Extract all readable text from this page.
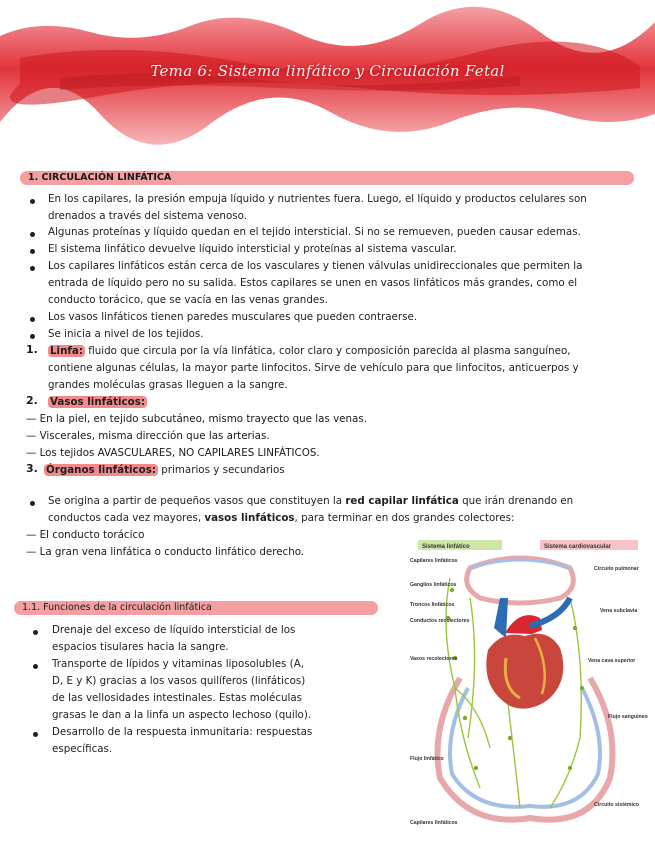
Tema 6: Sistema linfático y Circulación Fetal
1. CIRCULACIÓN LINFÁTICA
En los capilares, la presión empuja líquido y nutrientes fuera. Luego, el líquido y productos celulares son
drenados a través del sistema venoso.
Algunas proteínas y líquido quedan en el tejido intersticial. Si no se remueven, pueden causar edemas.
El sistema linfático devuelve líquido intersticial y proteínas al sistema vascular.
Los capilares linfáticos están cerca de los vasculares y tienen válvulas unidireccionales que permiten la
entrada de líquido pero no su salida. Estos capilares se unen en vasos linfáticos más grandes, como el
conducto torácico, que se vacía en las venas grandes.
Los vasos linfáticos tienen paredes musculares que pueden contraerse.
Se inicia a nivel de los tejidos.
1. Linfa: fluido que circula por la vía linfática, color claro y composición parecida al plasma sanguíneo,
contiene algunas células, la mayor parte linfocitos. Sirve de vehículo para que linfocitos, anticuerpos y
grandes moléculas grasas lleguen a la sangre.
2. Vasos linfáticos:
— En la piel, en tejido subcutáneo, mismo trayecto que las venas.
— Viscerales, misma dirección que las arterias.
— Los tejidos AVASCULARES, NO CAPILARES LINFÁTICOS.
3. Órganos linfáticos: primarios y secundarios
Se origina a partir de pequeños vasos que constituyen la red capilar linfática que irán drenando en
conductos cada vez mayores, vasos linfáticos, para terminar en dos grandes colectores:
— El conducto torácico
— La gran vena linfática o conducto linfático derecho.
1.1. Funciones de la circulación linfática
Drenaje del exceso de líquido intersticial de los
espacios tisulares hacia la sangre.
Transporte de lípidos y vitaminas liposolubles (A,
D, E y K) gracias a los vasos quilíferos (linfáticos)
de las vellosidades intestinales. Estas moléculas
grasas le dan a la linfa un aspecto lechoso (quilo).
Desarrollo de la respuesta inmunitaria: respuestas
específicas.
Sistema linfático	Sistema cardiovascular
Capilares linfáticos
Ganglios linfáticos
Troncos linfáticos
Conductos recolectores
Vasos recolectores
Flujo linfático
Capilares linfáticos
Circuito pulmonar
Vena subclavia
Vena cava superior
Flujo sanguíneo
Circuito sistémico
